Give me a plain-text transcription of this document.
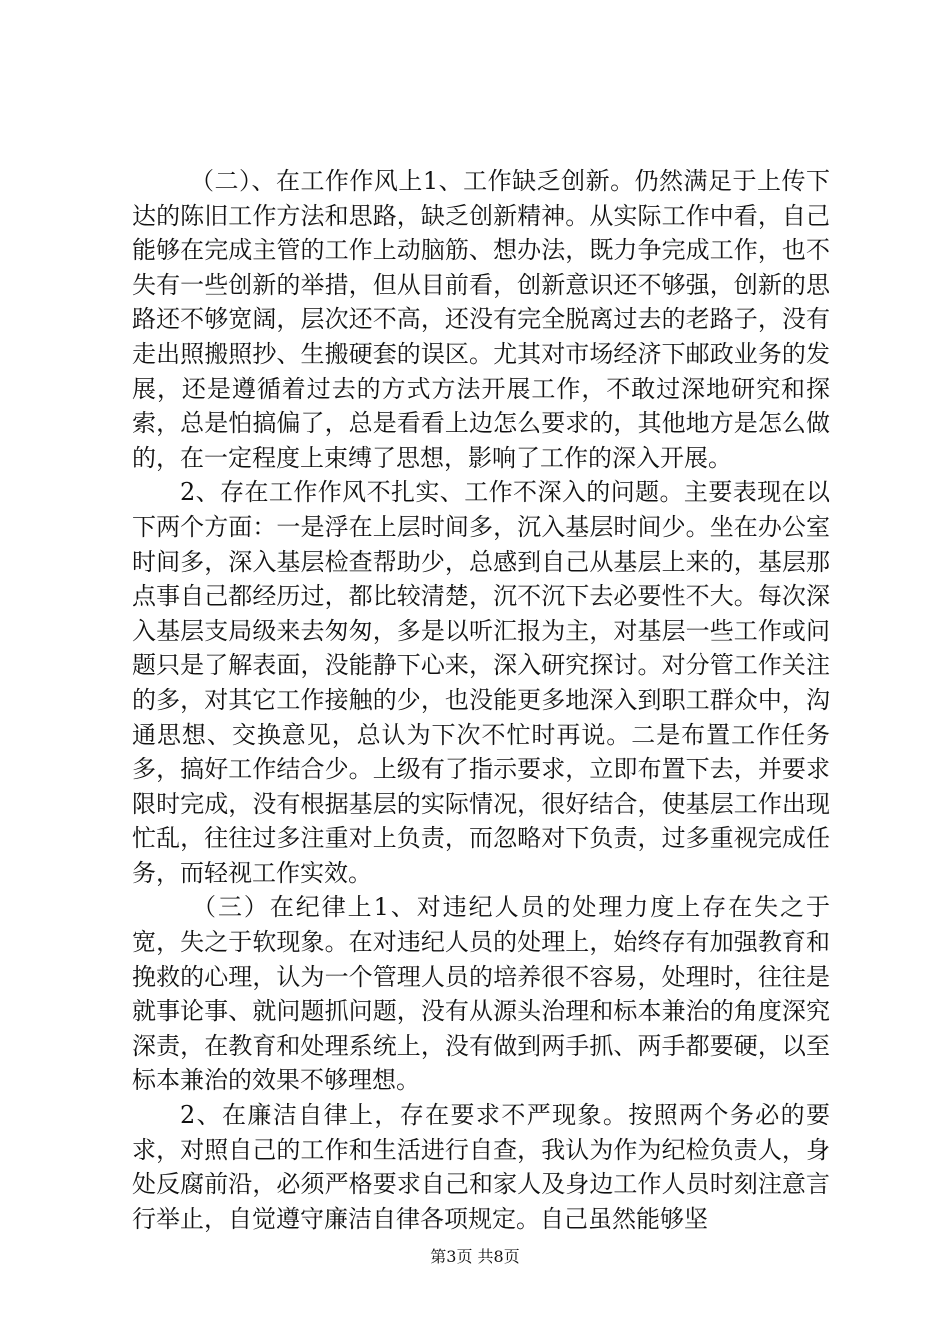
（二）、在工作作风上1、工作缺乏创新。仍然满足于上传下达的陈旧工作方法和思路，缺乏创新精神。从实际工作中看，自己能够在完成主管的工作上动脑筋、想办法，既力争完成工作，也不失有一些创新的举措，但从目前看，创新意识还不够强，创新的思路还不够宽阔，层次还不高，还没有完全脱离过去的老路子，没有走出照搬照抄、生搬硬套的误区。尤其对市场经济下邮政业务的发展，还是遵循着过去的方式方法开展工作，不敢过深地研究和探索，总是怕搞偏了，总是看看上边怎么要求的，其他地方是怎么做的，在一定程度上束缚了思想，影响了工作的深入开展。

2、存在工作作风不扎实、工作不深入的问题。主要表现在以下两个方面：一是浮在上层时间多，沉入基层时间少。坐在办公室时间多，深入基层检查帮助少，总感到自己从基层上来的，基层那点事自己都经历过，都比较清楚，沉不沉下去必要性不大。每次深入基层支局级来去匆匆，多是以听汇报为主，对基层一些工作或问题只是了解表面，没能静下心来，深入研究探讨。对分管工作关注的多，对其它工作接触的少，也没能更多地深入到职工群众中，沟通思想、交换意见，总认为下次不忙时再说。二是布置工作任务多，搞好工作结合少。上级有了指示要求，立即布置下去，并要求限时完成，没有根据基层的实际情况，很好结合，使基层工作出现忙乱，往往过多注重对上负责，而忽略对下负责，过多重视完成任务，而轻视工作实效。

（三）在纪律上1、对违纪人员的处理力度上存在失之于宽，失之于软现象。在对违纪人员的处理上，始终存有加强教育和挽救的心理，认为一个管理人员的培养很不容易，处理时，往往是就事论事、就问题抓问题，没有从源头治理和标本兼治的角度深究深责，在教育和处理系统上，没有做到两手抓、两手都要硬，以至标本兼治的效果不够理想。

2、在廉洁自律上，存在要求不严现象。按照两个务必的要求，对照自己的工作和生活进行自查，我认为作为纪检负责人，身处反腐前沿，必须严格要求自己和家人及身边工作人员时刻注意言行举止，自觉遵守廉洁自律各项规定。自己虽然能够坚

第3页 共8页
